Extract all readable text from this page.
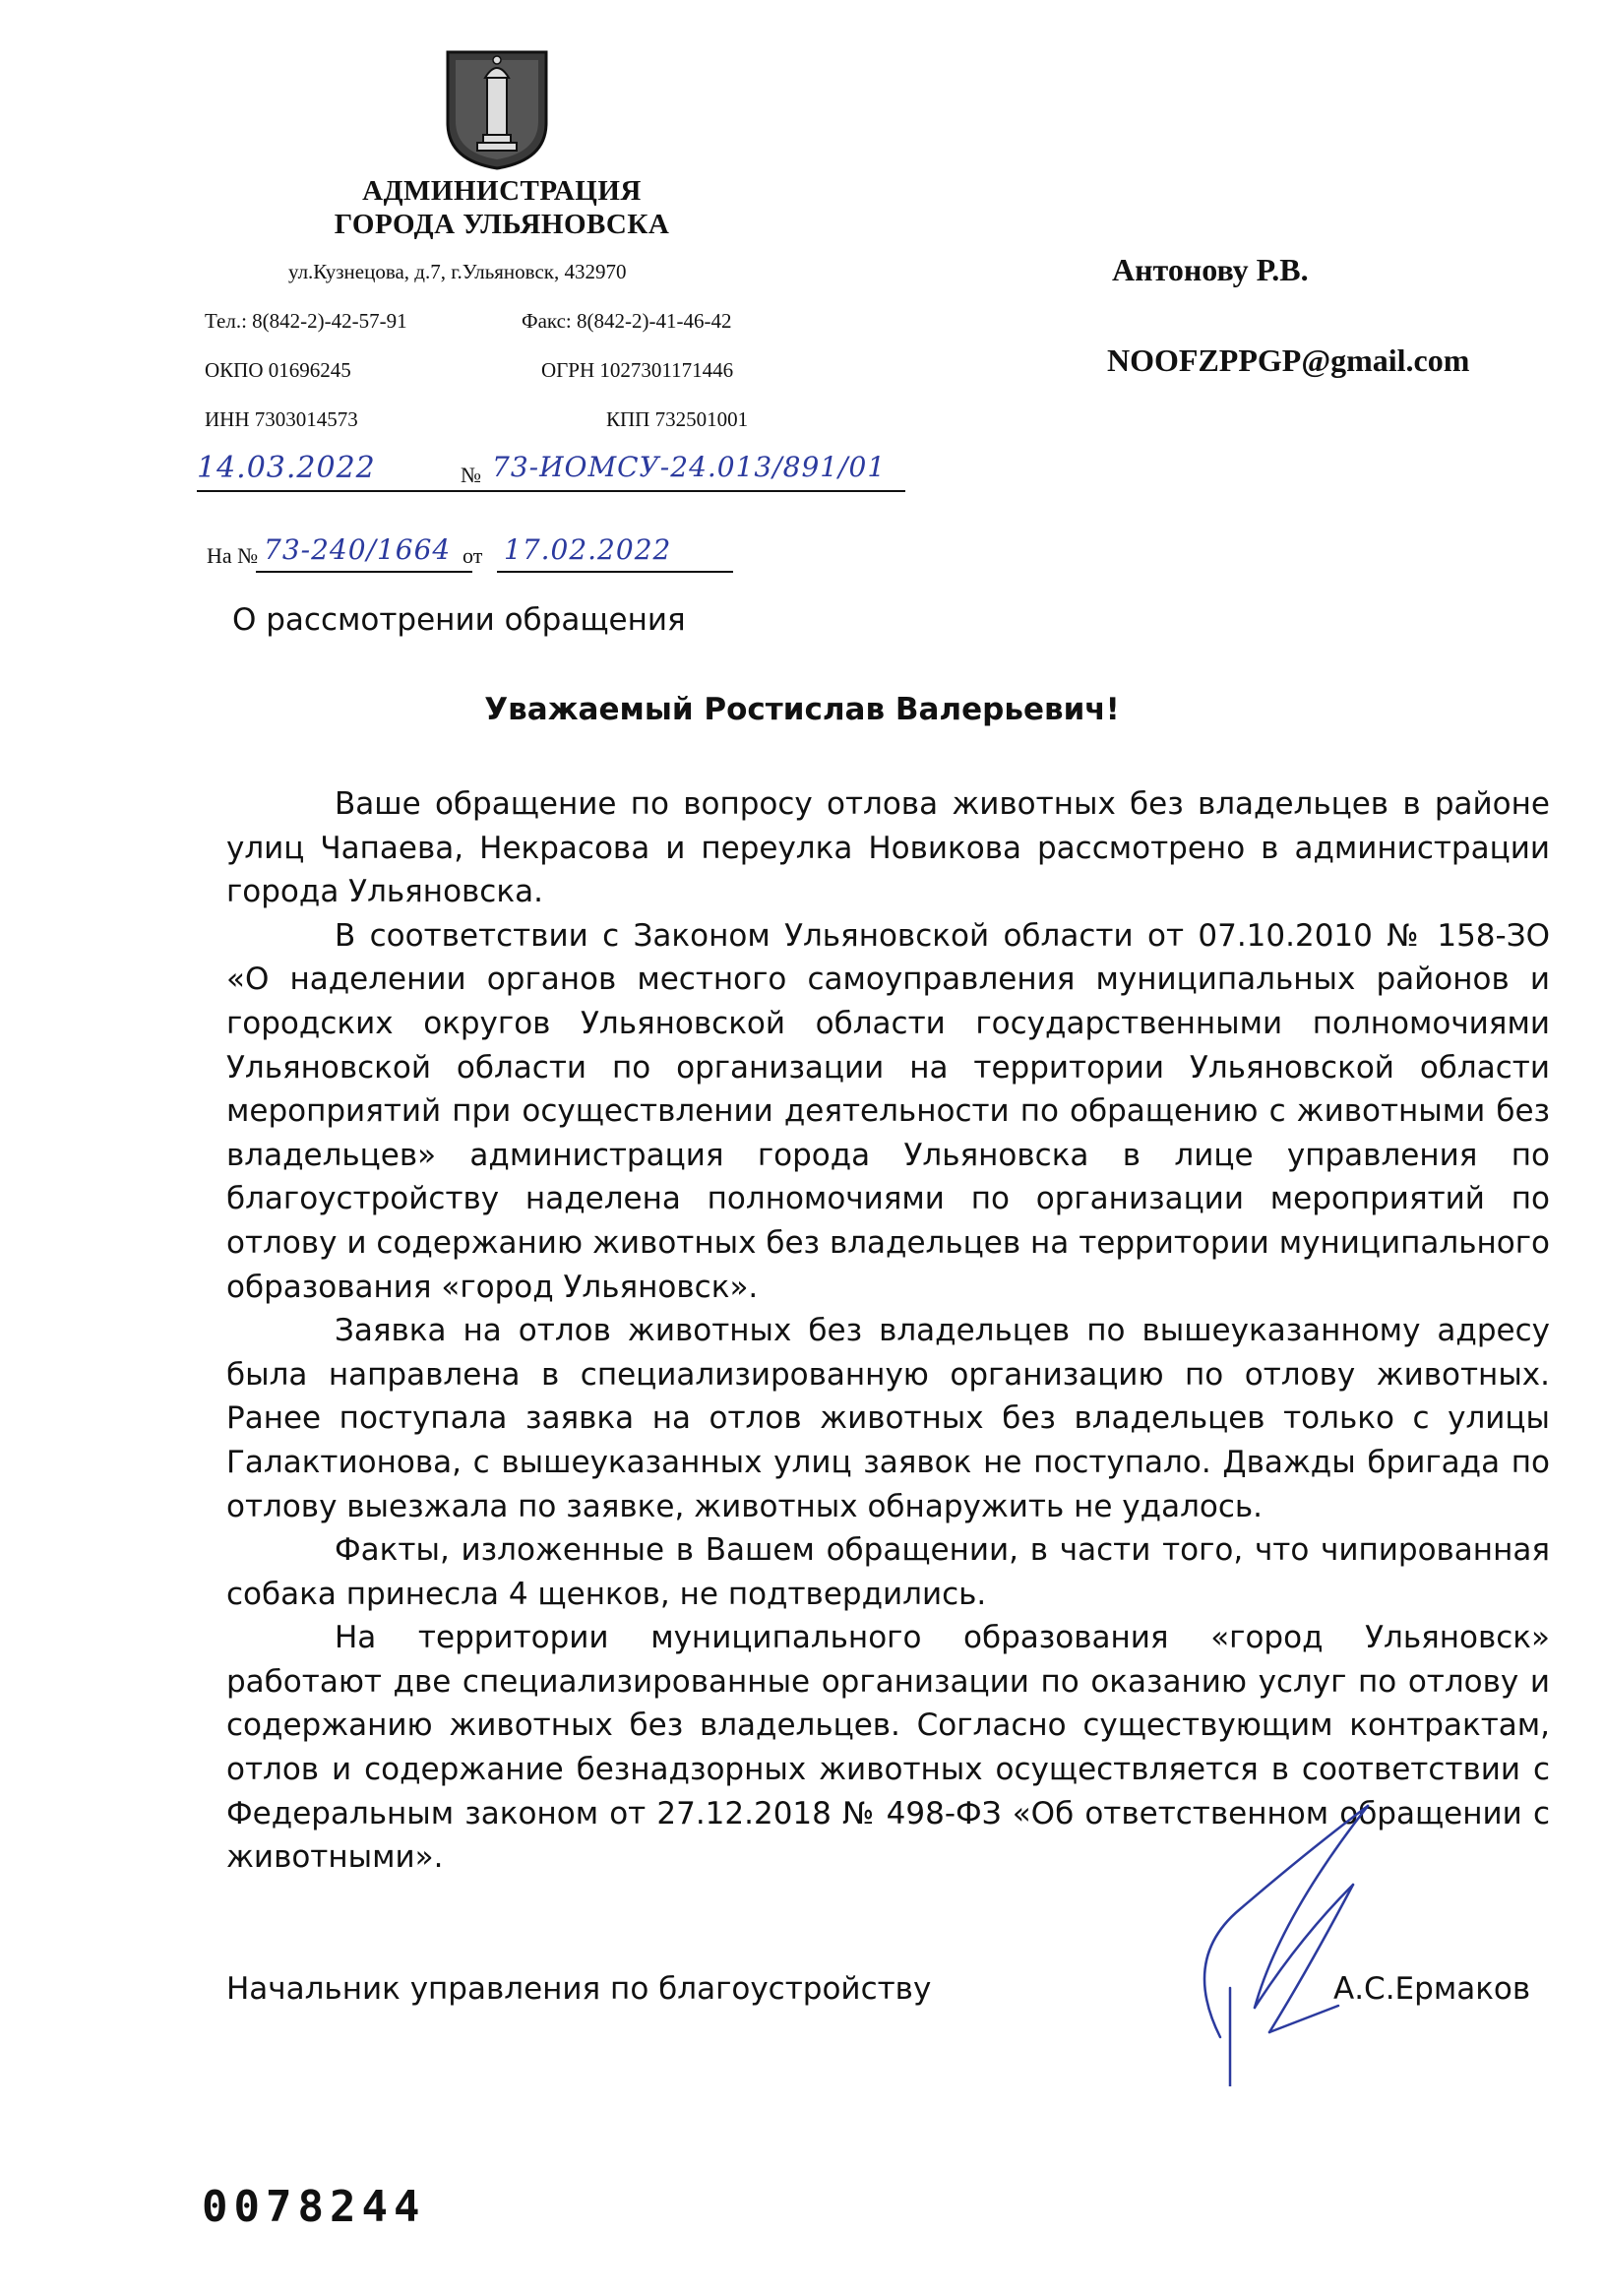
АДМИНИСТРАЦИЯ
ГОРОДА УЛЬЯНОВСКА
ул.Кузнецова, д.7, г.Ульяновск, 432970
Тел.: 8(842-2)-42-57-91	Факс: 8(842-2)-41-46-42
ОКПО 01696245	ОГРН 1027301171446
ИНН 7303014573	КПП 732501001
Антонову Р.В.
NOOFZPPGP@gmail.com
14.03.2022	№ 73-ИОМСУ-24.013/891/01
На № 73-240/1664 от 17.02.2022
О рассмотрении обращения
Уважаемый Ростислав Валерьевич!

Ваше обращение по вопросу отлова животных без владельцев в районе улиц Чапаева, Некрасова и переулка Новикова рассмотрено в администрации города Ульяновска.

В соответствии с Законом Ульяновской области от 07.10.2010 № 158-ЗО «О наделении органов местного самоуправления муниципальных районов и городских округов Ульяновской области государственными полномочиями Ульяновской области по организации на территории Ульяновской области мероприятий при осуществлении деятельности по обращению с животными без владельцев» администрация города Ульяновска в лице управления по благоустройству наделена полномочиями по организации мероприятий по отлову и содержанию животных без владельцев на территории муниципального образования «город Ульяновск».

Заявка на отлов животных без владельцев по вышеуказанному адресу была направлена в специализированную организацию по отлову животных. Ранее поступала заявка на отлов животных без владельцев только с улицы Галактионова, с вышеуказанных улиц заявок не поступало. Дважды бригада по отлову выезжала по заявке, животных обнаружить не удалось.

Факты, изложенные в Вашем обращении, в части того, что чипированная собака принесла 4 щенков, не подтвердились.

На территории муниципального образования «город Ульяновск» работают две специализированные организации по оказанию услуг по отлову и содержанию животных без владельцев. Согласно существующим контрактам, отлов и содержание безнадзорных животных осуществляется в соответствии с Федеральным законом от 27.12.2018 № 498-ФЗ «Об ответственном обращении с животными».

Начальник управления по благоустройству	А.С.Ермаков
0078244
